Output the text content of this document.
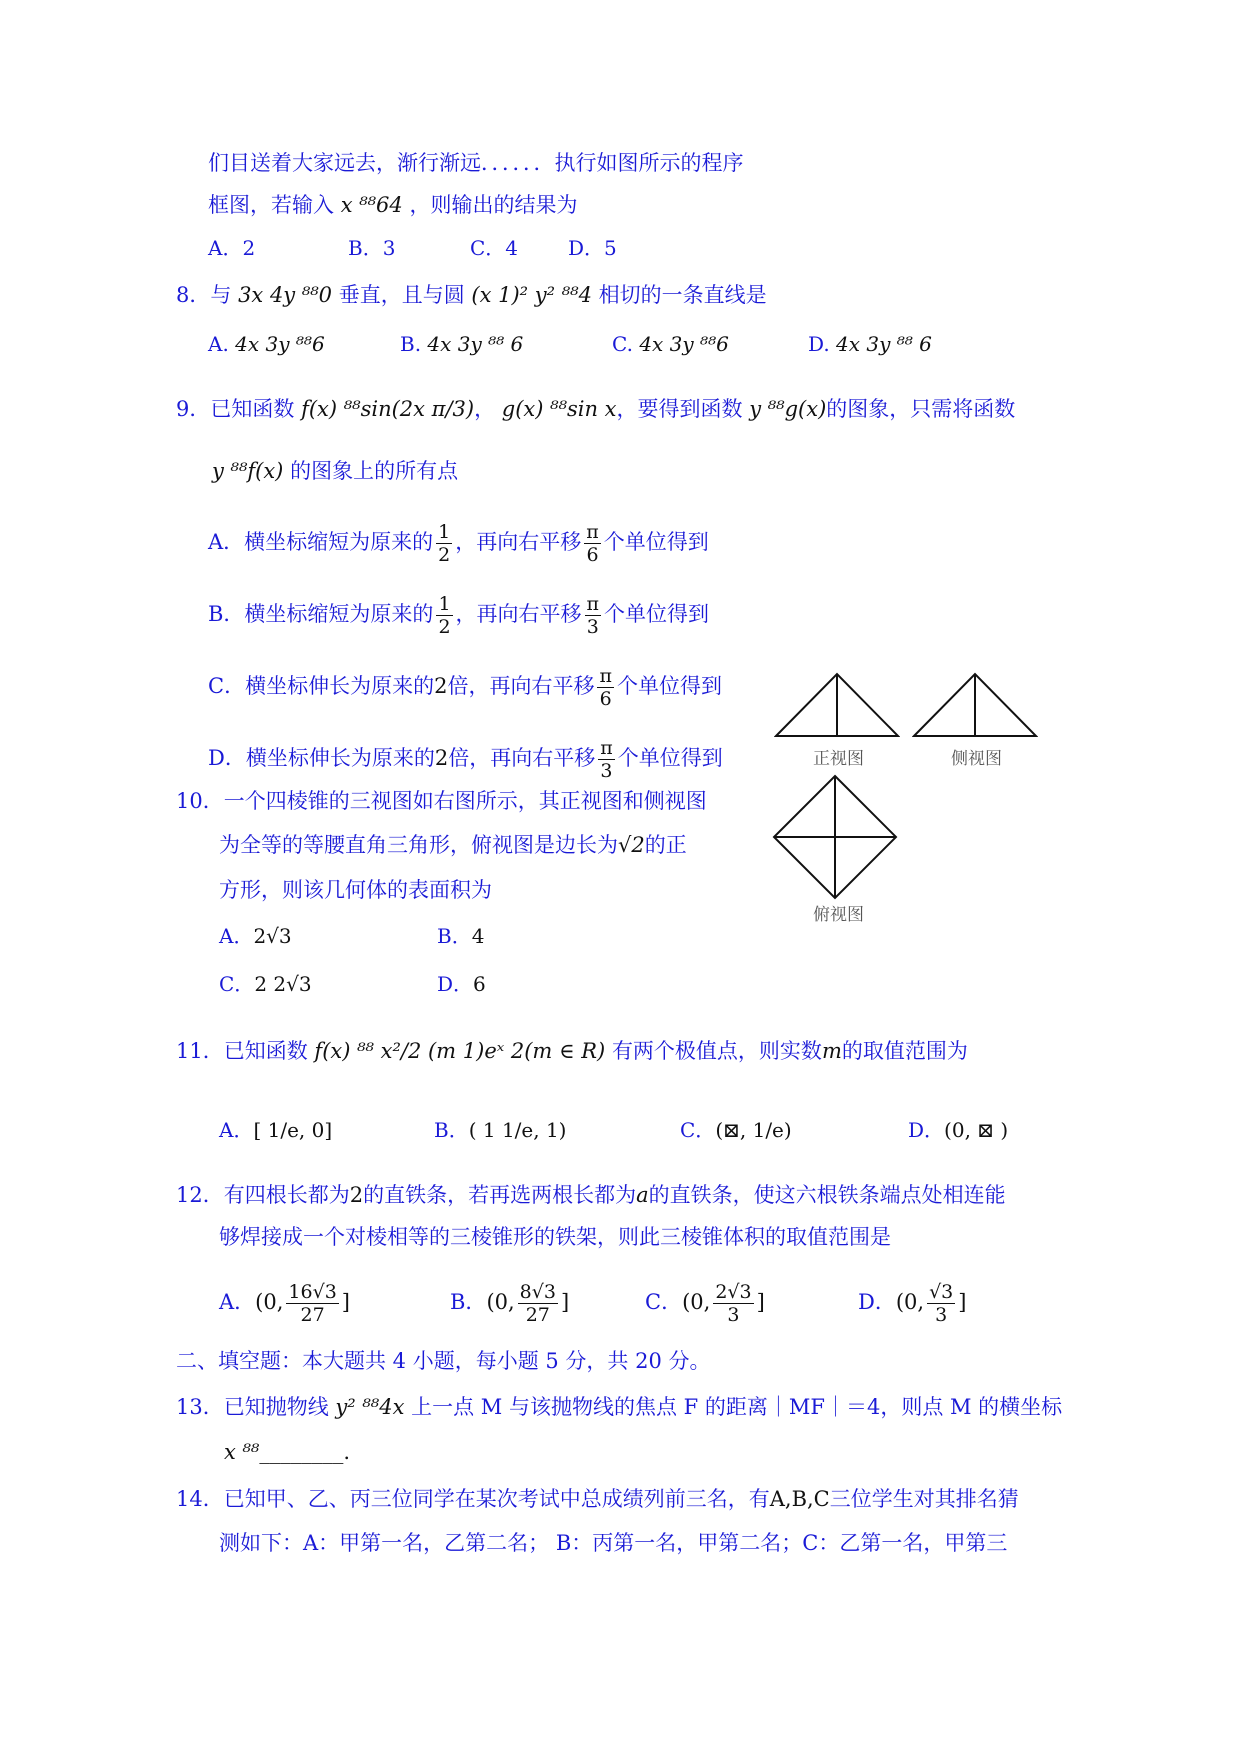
们目送着大家远去，渐行渐远．．．．．．执行如图所示的程序
框图，若输入 x ⁸⁸64 ，则输出的结果为
A．2	B．3	C．4 D．5
8．与 3x 4y ⁸⁸0 垂直，且与圆 (x 1)² y² ⁸⁸4 相切的一条直线是
A. 4x 3y ⁸⁸6	B. 4x 3y ⁸⁸ 6	C. 4x 3y ⁸⁸6	D. 4x 3y ⁸⁸ 6
9．已知函数 f(x) ⁸⁸sin(2x π/3)， g(x) ⁸⁸sin x，要得到函数 y ⁸⁸g(x)的图象，只需将函数
y ⁸⁸f(x) 的图象上的所有点
A．横坐标缩短为原来的 $\frac{1}{2}$ ，再向右平移 $\frac{\pi}{6}$ 个单位得到
B．横坐标缩短为原来的 $\frac{1}{2}$ ，再向右平移 $\frac{\pi}{3}$ 个单位得到
C．横坐标伸长为原来的2倍，再向右平移 $\frac{\pi}{6}$ 个单位得到
D．横坐标伸长为原来的2倍，再向右平移 $\frac{\pi}{3}$ 个单位得到	正视图	侧视图
俯视图
10．一个四棱锥的三视图如右图所示，其正视图和侧视图
为全等的等腰直角三角形，俯视图是边长为√2的正
方形，则该几何体的表面积为
A．2√3	B．4
C．2 2√3	D．6
11．已知函数 f(x) ⁸⁸ x²/2 (m 1)eˣ 2(m ∈ R) 有两个极值点，则实数m的取值范围为
A．[ 1/e, 0]	B．( 1 1/e, 1)	C．(⊠, 1/e)	D．(0, ⊠ )
12．有四根长都为2的直铁条，若再选两根长都为a的直铁条，使这六根铁条端点处相连能
够焊接成一个对棱相等的三棱锥形的铁架，则此三棱锥体积的取值范围是
A．(0, $\frac{16√3}{27}$ ]	B．(0, $\frac{8√3}{27}$ ]	C．(0, $\frac{2√3}{3}$ ]	D．(0, $\frac{√3}{3}$ ]
二、填空题：本大题共 4 小题，每小题 5 分，共 20 分。
13．已知抛物线 y² ⁸⁸4x 上一点 M 与该抛物线的焦点 F 的距离｜MF｜＝4，则点 M 的横坐标
x ⁸⁸________.
14．已知甲、乙、丙三位同学在某次考试中总成绩列前三名，有A,B,C三位学生对其排名猜
测如下：A：甲第一名，乙第二名； B：丙第一名，甲第二名；C：乙第一名，甲第三
